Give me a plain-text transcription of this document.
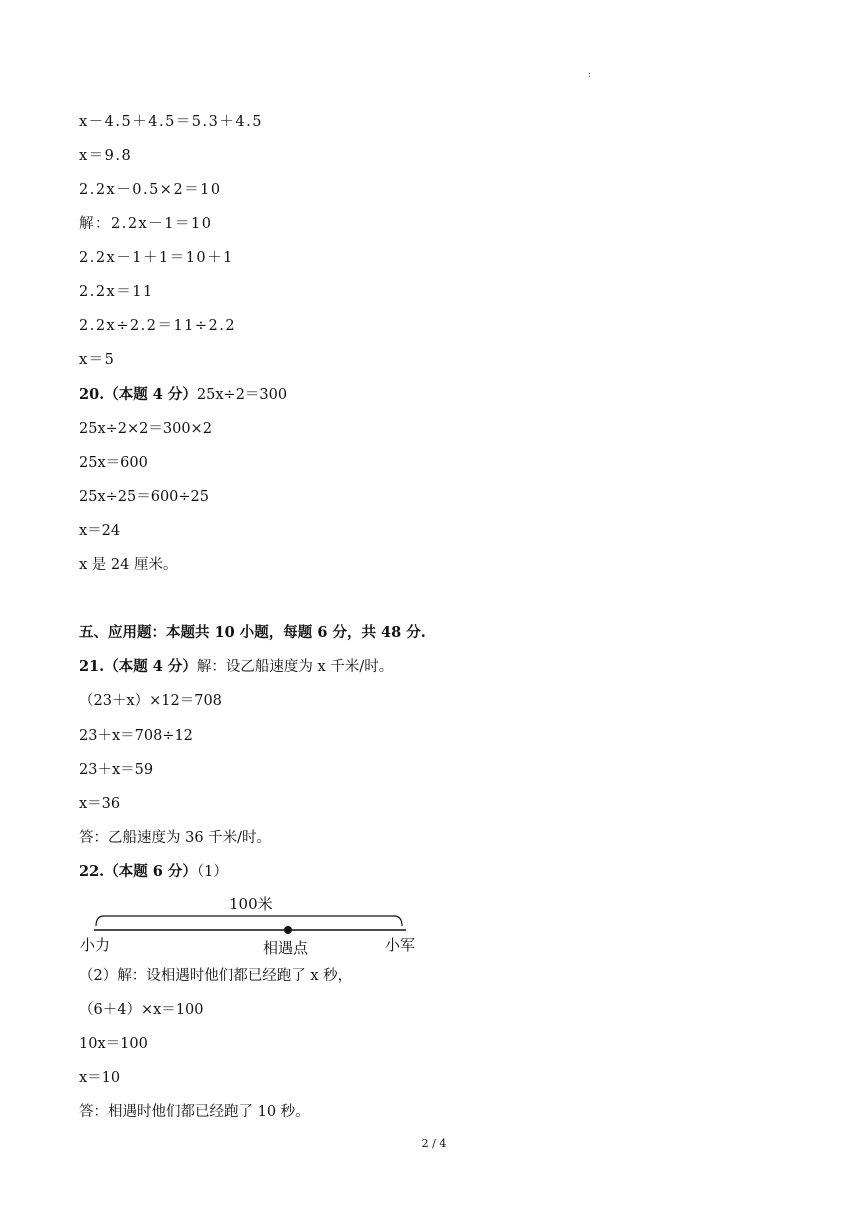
:
x－4.5＋4.5＝5.3＋4.5
x＝9.8
2.2x－0.5×2＝10
解：2.2x－1＝10
2.2x－1＋1＝10＋1
2.2x＝11
2.2x÷2.2＝11÷2.2
x＝5
20.（本题 4 分）25x÷2＝300
25x÷2×2＝300×2
25x＝600
25x÷25＝600÷25
x＝24
x 是 24 厘米。
五、应用题：本题共 10 小题，每题 6 分，共 48 分.
21.（本题 4 分）解：设乙船速度为 x 千米/时。
（23＋x）×12＝708
23＋x＝708÷12
23＋x＝59
x＝36
答：乙船速度为 36 千米/时。
22.（本题 6 分）（1）
100米
小力	相遇点	小军
（2）解：设相遇时他们都已经跑了 x 秒，
（6＋4）×x＝100
10x＝100
x＝10
答：相遇时他们都已经跑了 10 秒。
2 / 4
